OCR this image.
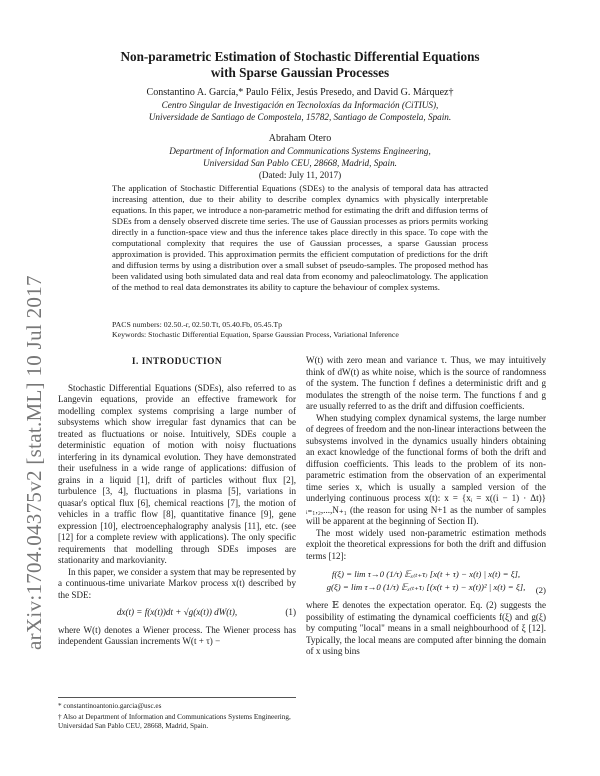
arXiv:1704.04375v2 [stat.ML] 10 Jul 2017
Non-parametric Estimation of Stochastic Differential Equations
with Sparse Gaussian Processes
Constantino A. García,* Paulo Félix, Jesús Presedo, and David G. Márquez†
Centro Singular de Investigación en Tecnoloxías da Información (CiTIUS),
Universidade de Santiago de Compostela, 15782, Santiago de Compostela, Spain.
Abraham Otero
Department of Information and Communications Systems Engineering,
Universidad San Pablo CEU, 28668, Madrid, Spain.
(Dated: July 11, 2017)

The application of Stochastic Differential Equations (SDEs) to the analysis of temporal data has attracted increasing attention, due to their ability to describe complex dynamics with physically interpretable equations. In this paper, we introduce a non-parametric method for estimating the drift and diffusion terms of SDEs from a densely observed discrete time series. The use of Gaussian processes as priors permits working directly in a function-space view and thus the inference takes place directly in this space. To cope with the computational complexity that requires the use of Gaussian processes, a sparse Gaussian process approximation is provided. This approximation permits the efficient computation of predictions for the drift and diffusion terms by using a distribution over a small subset of pseudo-samples. The proposed method has been validated using both simulated data and real data from economy and paleoclimatology. The application of the method to real data demonstrates its ability to capture the behaviour of complex systems.

PACS numbers: 02.50.-r, 02.50.Tt, 05.40.Fb, 05.45.Tp
Keywords: Stochastic Differential Equation, Sparse Gaussian Process, Variational Inference
I. INTRODUCTION

Stochastic Differential Equations (SDEs), also referred to as Langevin equations, provide an effective framework for modelling complex systems comprising a large number of subsystems which show irregular fast dynamics that can be treated as fluctuations or noise. Intuitively, SDEs couple a deterministic equation of motion with noisy fluctuations interfering in its dynamical evolution. They have demonstrated their usefulness in a wide range of applications: diffusion of grains in a liquid [1], drift of particles without flux [2], turbulence [3, 4], fluctuations in plasma [5], variations in quasar's optical flux [6], chemical reactions [7], the motion of vehicles in a traffic flow [8], quantitative finance [9], gene expression [10], electroencephalography analysis [11], etc. (see [12] for a complete review with applications). The only specific requirements that modelling through SDEs imposes are stationarity and markovianity.

In this paper, we consider a system that may be represented by a continuous-time univariate Markov process x(t) described by the SDE:

dx(t) = f(x(t))dt + √g(x(t)) dW(t),	(1)

where W(t) denotes a Wiener process. The Wiener process has independent Gaussian increments W(t + τ) −

* constantinoantonio.garcia@usc.es
† Also at Department of Information and Communications Systems Engineering, Universidad San Pablo CEU, 28668, Madrid, Spain.

W(t) with zero mean and variance τ. Thus, we may intuitively think of dW(t) as white noise, which is the source of randomness of the system. The function f defines a deterministic drift and g modulates the strength of the noise term. The functions f and g are usually referred to as the drift and diffusion coefficients.

When studying complex dynamical systems, the large number of degrees of freedom and the non-linear interactions between the subsystems involved in the dynamics usually hinders obtaining an exact knowledge of the functional forms of both the drift and diffusion coefficients. This leads to the problem of its non-parametric estimation from the observation of an experimental time series x, which is usually a sampled version of the underlying continuous process x(t): x = {xᵢ = x((i − 1) · Δt)}ᵢ₌₁,₂,...,N₊₁ (the reason for using N+1 as the number of samples will be apparent at the beginning of Section II).

The most widely used non-parametric estimation methods exploit the theoretical expressions for both the drift and diffusion terms [12]:

f(ξ) = lim τ→0 (1/τ) 𝔼ₓ₍ₜ₊τ₎ [x(t + τ) − x(t) | x(t) = ξ],
g(ξ) = lim τ→0 (1/τ) 𝔼ₓ₍ₜ₊τ₎ [(x(t + τ) − x(t))² | x(t) = ξ],	(2)

where 𝔼 denotes the expectation operator. Eq. (2) suggests the possibility of estimating the dynamical coefficients f(ξ) and g(ξ) by computing "local" means in a small neighbourhood of ξ [12]. Typically, the local means are computed after binning the domain of x using bins
